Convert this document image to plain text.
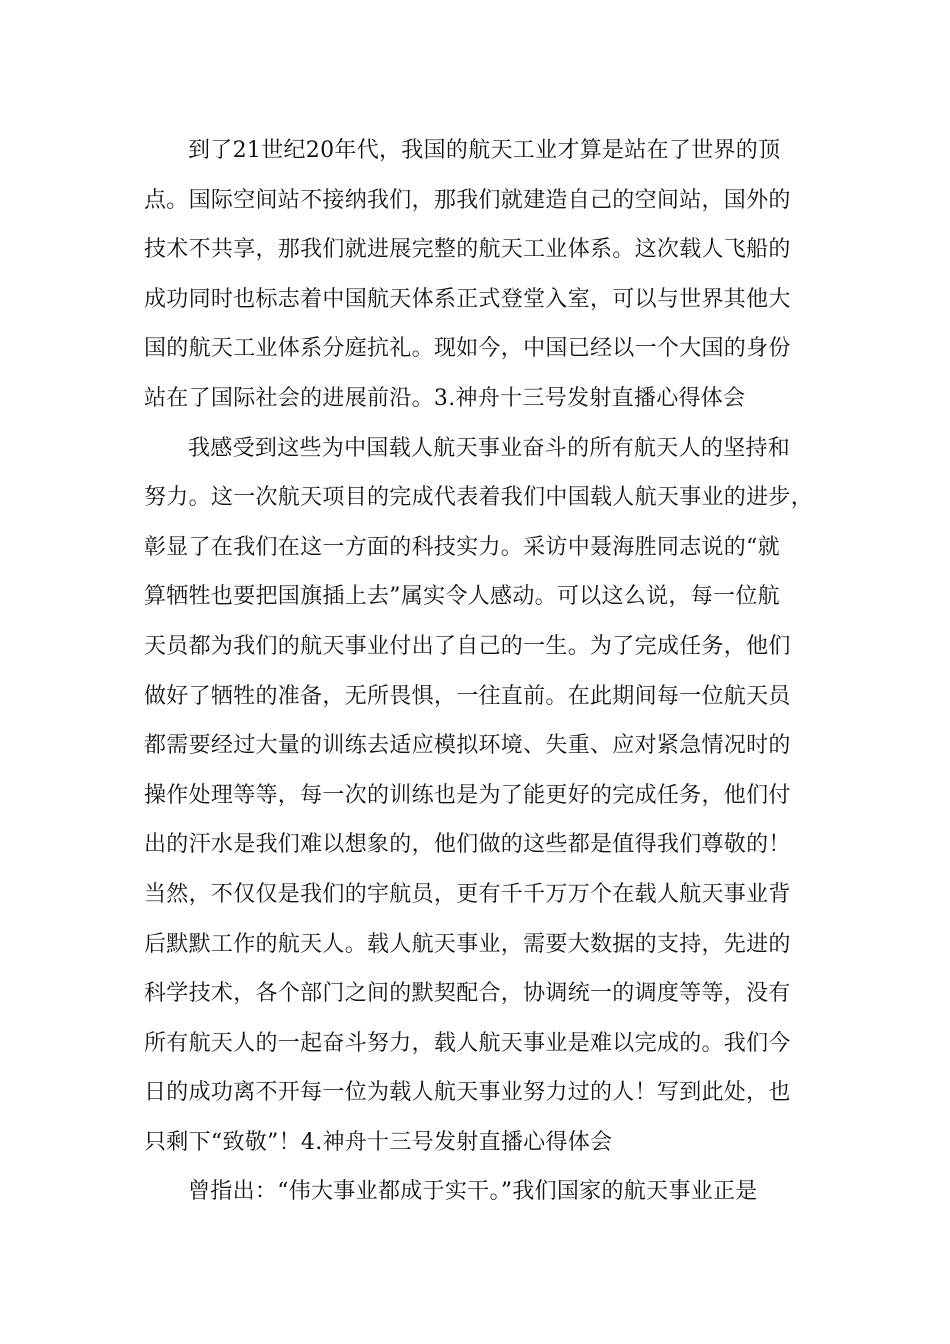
到了21世纪20年代，我国的航天工业才算是站在了世界的顶
点。国际空间站不接纳我们，那我们就建造自己的空间站，国外的
技术不共享，那我们就进展完整的航天工业体系。这次载人飞船的
成功同时也标志着中国航天体系正式登堂入室，可以与世界其他大
国的航天工业体系分庭抗礼。现如今，中国已经以一个大国的身份
站在了国际社会的进展前沿。3.神舟十三号发射直播心得体会
我感受到这些为中国载人航天事业奋斗的所有航天人的坚持和
努力。这一次航天项目的完成代表着我们中国载人航天事业的进步，
彰显了在我们在这一方面的科技实力。采访中聂海胜同志说的“就
算牺牲也要把国旗插上去”属实令人感动。可以这么说，每一位航
天员都为我们的航天事业付出了自己的一生。为了完成任务，他们
做好了牺牲的准备，无所畏惧，一往直前。在此期间每一位航天员
都需要经过大量的训练去适应模拟环境、失重、应对紧急情况时的
操作处理等等，每一次的训练也是为了能更好的完成任务，他们付
出的汗水是我们难以想象的，他们做的这些都是值得我们尊敬的！
当然，不仅仅是我们的宇航员，更有千千万万个在载人航天事业背
后默默工作的航天人。载人航天事业，需要大数据的支持，先进的
科学技术，各个部门之间的默契配合，协调统一的调度等等，没有
所有航天人的一起奋斗努力，载人航天事业是难以完成的。我们今
日的成功离不开每一位为载人航天事业努力过的人！写到此处，也
只剩下“致敬”！4.神舟十三号发射直播心得体会
曾指出：“伟大事业都成于实干。”我们国家的航天事业正是
